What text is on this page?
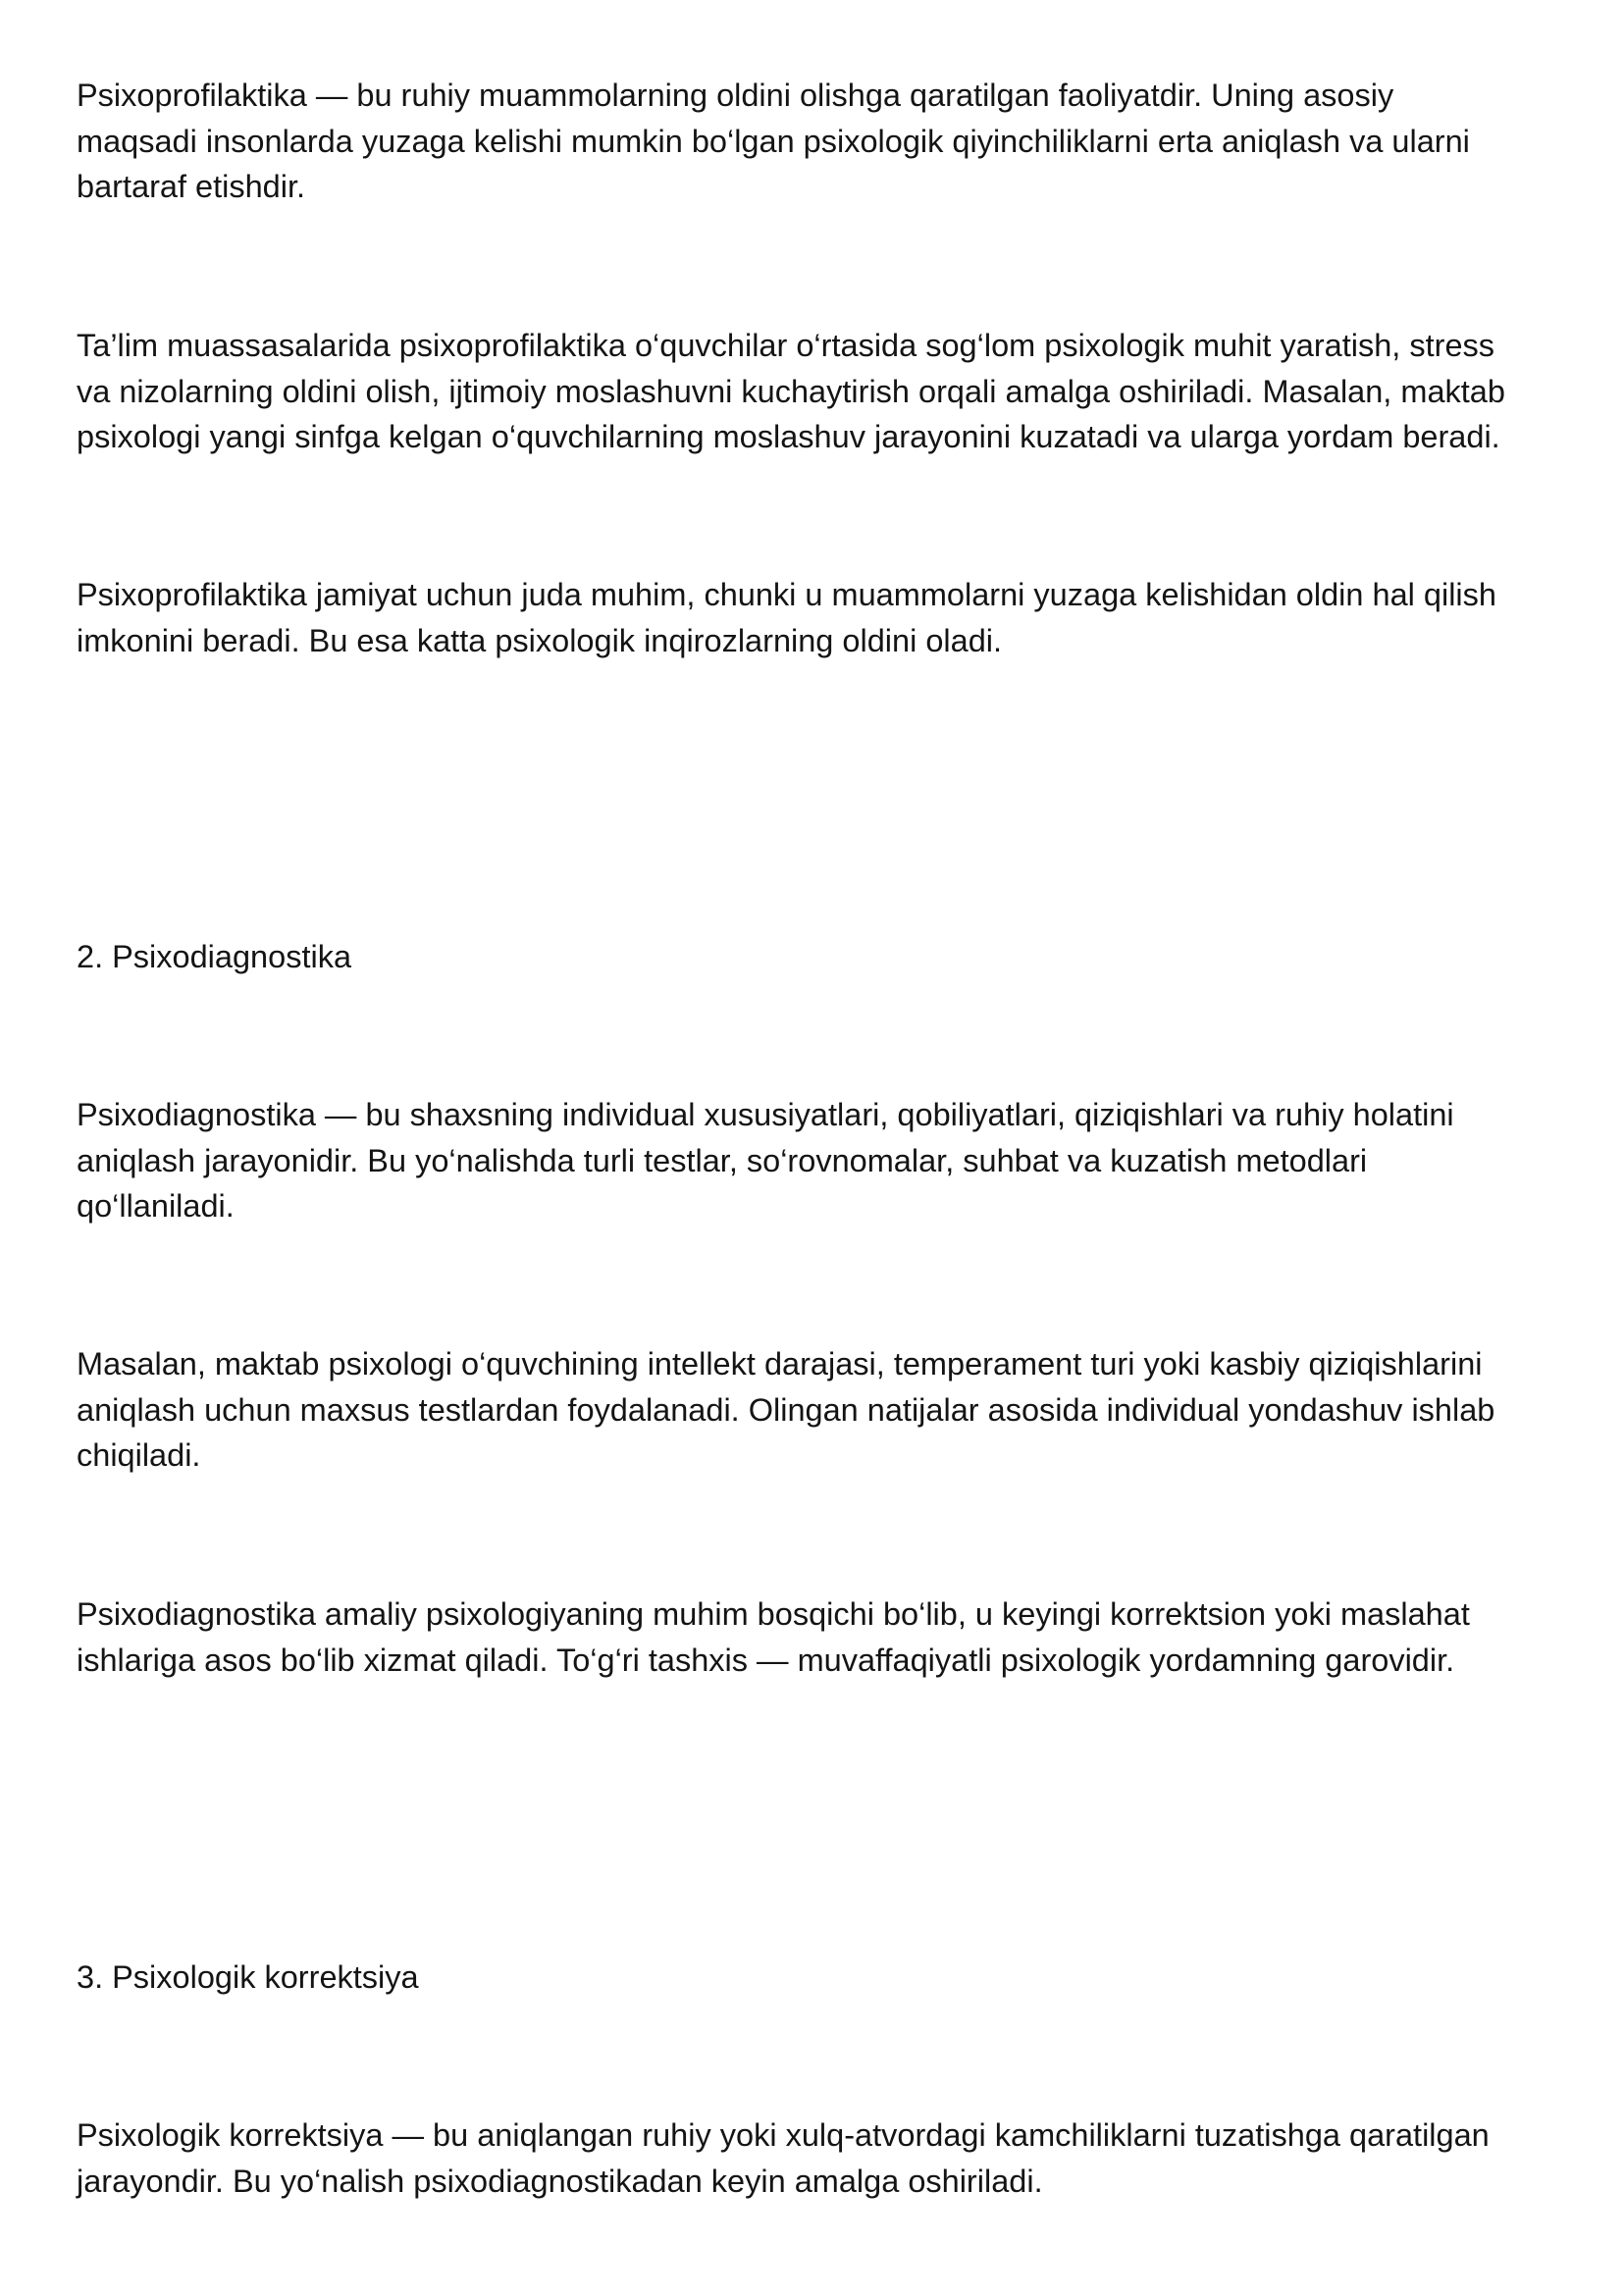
Psixoprofilaktika — bu ruhiy muammolarning oldini olishga qaratilgan faoliyatdir. Uning asosiy
maqsadi insonlarda yuzaga kelishi mumkin bo‘lgan psixologik qiyinchiliklarni erta aniqlash va ularni
bartaraf etishdir.

Ta’lim muassasalarida psixoprofilaktika o‘quvchilar o‘rtasida sog‘lom psixologik muhit yaratish, stress
va nizolarning oldini olish, ijtimoiy moslashuvni kuchaytirish orqali amalga oshiriladi. Masalan, maktab
psixologi yangi sinfga kelgan o‘quvchilarning moslashuv jarayonini kuzatadi va ularga yordam beradi.

Psixoprofilaktika jamiyat uchun juda muhim, chunki u muammolarni yuzaga kelishidan oldin hal qilish
imkonini beradi. Bu esa katta psixologik inqirozlarning oldini oladi.

2. Psixodiagnostika

Psixodiagnostika — bu shaxsning individual xususiyatlari, qobiliyatlari, qiziqishlari va ruhiy holatini
aniqlash jarayonidir. Bu yo‘nalishda turli testlar, so‘rovnomalar, suhbat va kuzatish metodlari
qo‘llaniladi.

Masalan, maktab psixologi o‘quvchining intellekt darajasi, temperament turi yoki kasbiy qiziqishlarini
aniqlash uchun maxsus testlardan foydalanadi. Olingan natijalar asosida individual yondashuv ishlab
chiqiladi.

Psixodiagnostika amaliy psixologiyaning muhim bosqichi bo‘lib, u keyingi korrektsion yoki maslahat
ishlariga asos bo‘lib xizmat qiladi. To‘g‘ri tashxis — muvaffaqiyatli psixologik yordamning garovidir.

3. Psixologik korrektsiya

Psixologik korrektsiya — bu aniqlangan ruhiy yoki xulq-atvordagi kamchiliklarni tuzatishga qaratilgan
jarayondir. Bu yo‘nalish psixodiagnostikadan keyin amalga oshiriladi.
